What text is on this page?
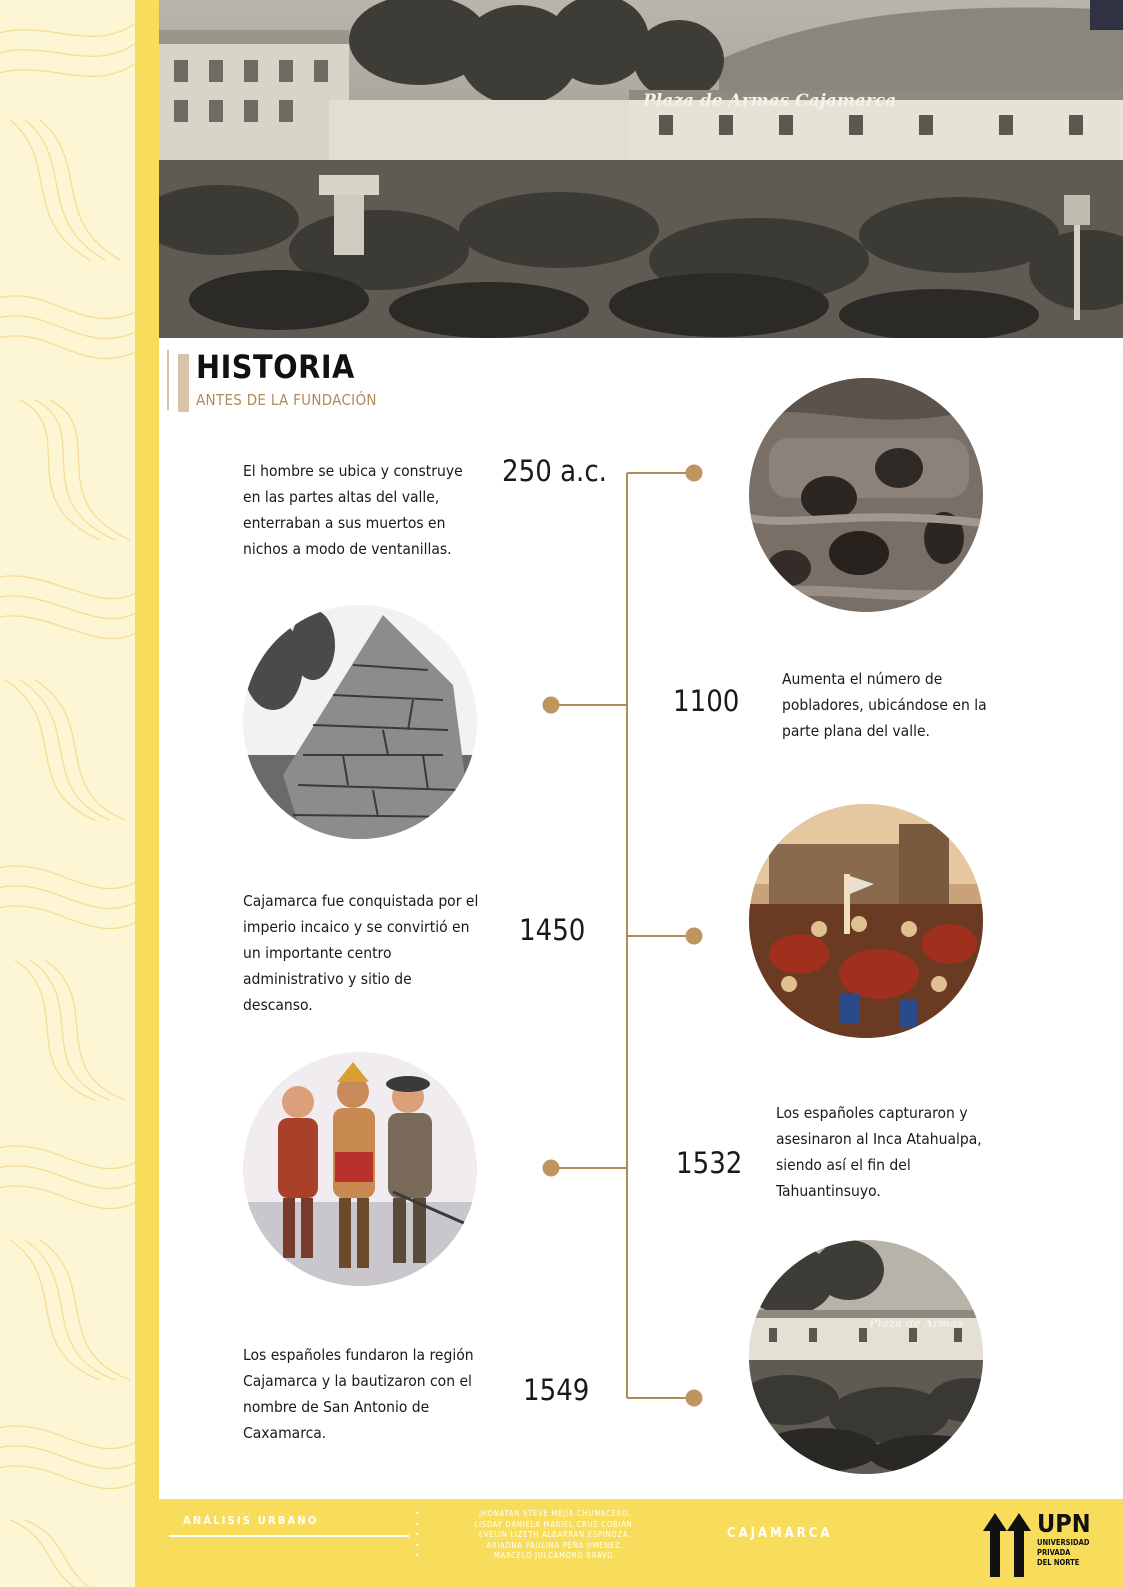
Plaza de Armas Cajamarca
HISTORIA

ANTES DE LA FUNDACIÓN

El hombre se ubica y construye en las partes altas del valle, enterraban a sus muertos en nichos a modo de ventanillas.

250 a.c.

1100

Aumenta el número de pobladores, ubicándose en la parte plana del valle.

Cajamarca fue conquistada por el imperio incaico y se convirtió en un importante centro administrativo y sitio de descanso.

1450

1532

Los españoles capturaron y asesinaron al Inca Atahualpa, siendo así el fin del Tahuantinsuyo.

Los españoles fundaron la región Cajamarca y la bautizaron con el nombre de San Antonio de Caxamarca.

1549

Plaza de Armas
ANÁLISIS URBANO
• JHONATAN STEVE MEJÍA CHUMACERO.
• LISDAY DANIELA MARIEL CRUZ COBIÁN.
• EVELIN LIZETH ALBARRAN ESPINOZA.
• ARIADNA PAULINA PEÑA JIMENEZ.
• MARCELO JULCAMORO BRAVO.
CAJAMARCA	UPN
UNIVERSIDAD
PRIVADA
DEL NORTE
